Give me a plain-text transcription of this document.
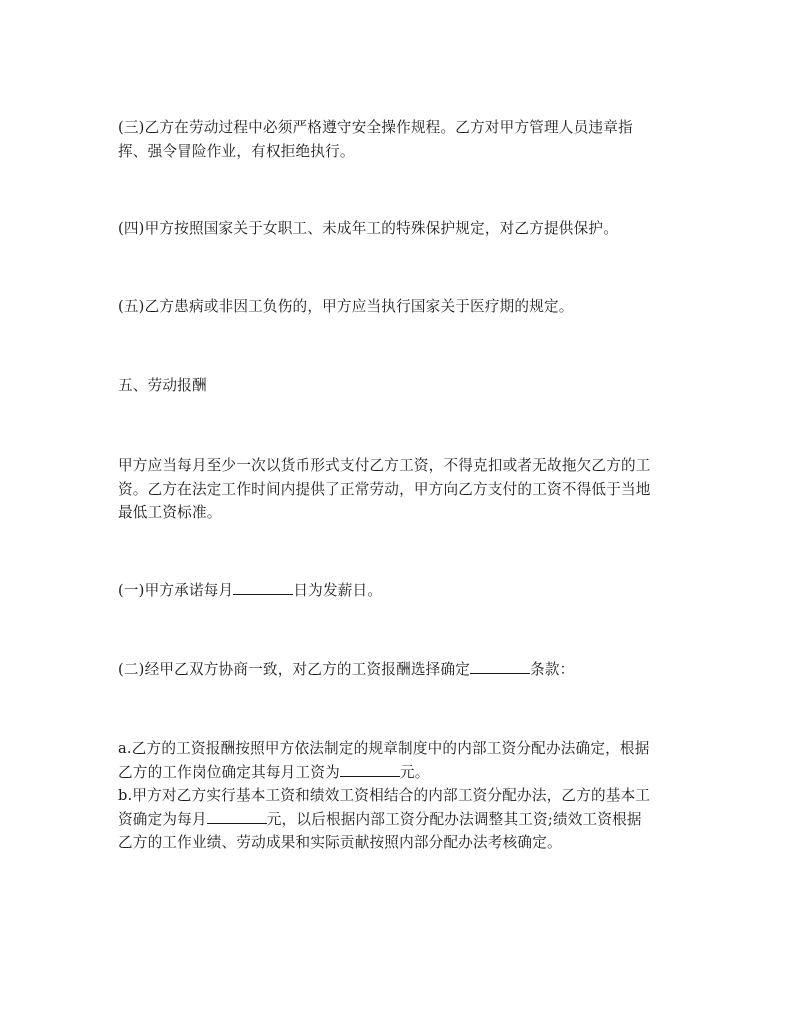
(三)乙方在劳动过程中必须严格遵守安全操作规程。乙方对甲方管理人员违章指
挥、强令冒险作业，有权拒绝执行。
(四)甲方按照国家关于女职工、未成年工的特殊保护规定，对乙方提供保护。
(五)乙方患病或非因工负伤的，甲方应当执行国家关于医疗期的规定。
五、劳动报酬
甲方应当每月至少一次以货币形式支付乙方工资，不得克扣或者无故拖欠乙方的工
资。乙方在法定工作时间内提供了正常劳动，甲方向乙方支付的工资不得低于当地
最低工资标准。
(一)甲方承诺每月	日为发薪日。
(二)经甲乙双方协商一致，对乙方的工资报酬选择确定	条款：
a.乙方的工资报酬按照甲方依法制定的规章制度中的内部工资分配办法确定，根据
乙方的工作岗位确定其每月工资为	元。
b.甲方对乙方实行基本工资和绩效工资相结合的内部工资分配办法，乙方的基本工
资确定为每月	元，以后根据内部工资分配办法调整其工资;绩效工资根据
乙方的工作业绩、劳动成果和实际贡献按照内部分配办法考核确定。
